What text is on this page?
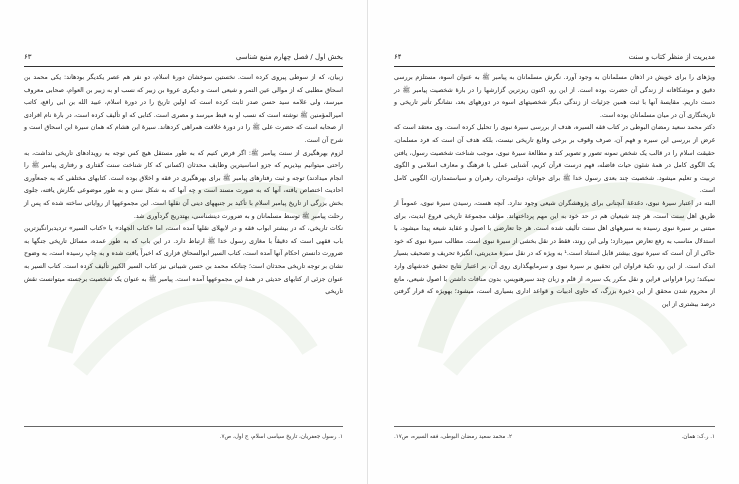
بخش اول / فصل چهارم منبع شناسی
۶۳

زبیان، که از سوطی پیروی کرده است. نخستین سوخشان دورهٔ اسلام، دو نفر هم عصر یکدیگر بودهاند: یکی محمد بن اسحاق مطلبی که از موالی عین التمر و شیعی است و دیگری عروهٔ بن زبیر که نسب او به زبیر بن العوام، صحابی معروف میرسد، ولی علامه سید حسن صدر ثابت کرده است که اولین تاریخ را در دورهٔ اسلام، عبید الله بن ابی رافع، کاتب امیرالمؤمنین ﷺ نوشته است که نسب او به قبط میرسد و مصری است. کتابی که او تألیف کرده است، در بارهٔ نام افرادی از صحابه است که حضرت علی ﷺ را در دورهٔ خلافت همراهی کردهاند. سیرهٔ ابن هشام که همان سیرهٔ ابن اسحاق است و شرح آن است.

لزوم بهرهگیری از سنت پیامبر ﷺ: اگر فرض کنیم که به طور مستقل هیچ کس توجه به رویدادهای تاریخی نداشت، به راحتی میتوانیم بپذیریم که جزو اساسیترین وظایف محدثان (کسانی که کار شناخت سنت گفتاری و رفتاری پیامبر ﷺ را انجام میدادند) توجه و ثبت رفتارهای پیامبر ﷺ برای بهرهگیری در فقه و اخلاق بوده است. کتابهای مختلفی که به جمعآوری احادیث اختصاص یافته، آنها که به صورت مسند است و چه آنها که به شکل سنن و به طور موضوعی نگارش یافته، جلوی بخش بزرگی از تاریخ پیامبر اسلام با تأکید بر جنبههای دینی آن نقلها است. این مجموعهها از روایاتی ساخته شده که پس از رحلت پیامبر ﷺ توسط مسلمانان و به ضرورت دینشناسی، بهتدریج گردآوری شد.

نکات تاریخی، که در بیشتر ابواب فقه و در لابهلای نقلها آمده است، اما «کتاب الجهاد» یا «کتاب السیر» تردیدبرانگیزترین باب فقهی است که دقیقاً با مغازی رسول خدا ﷺ ارتباط دارد. در این باب که به طور عمده، مسائل تاریخی جنگها به ضرورت دانستن احکام آنها آمده است، کتاب السیر ابوالسحاق فزاری که اخیراً یافت شده و به چاپ رسیده است، به وضوح نشان بر توجه تاریخی محدثان است؛ چنانکه محمد بن حسن شیبانی نیز کتاب السیر الکبیر تألیف کرده است. کتاب السیر به عنوان جزئی از کتابهای حدیثی در همهٔ این مجموعهها آمده است. پیامبر ﷺ به عنوان یک شخصیت برجسته میتوانست نقش تاریخی

۱. رسول جعفریان، تاریخ سیاسی اسلام، ج اول، ص۷.
مدیریت از منظر کتاب و سنت
۶۴

ویژهای را برای خویش در اذهان مسلمانان به وجود آورد. نگرش مسلمانان به پیامبر ﷺ به عنوان اسوه، مستلزم بررسی دقیق و موشکافانه از زندگی آن حضرت بوده است. از این رو، اکنون ریزترین گزارشها را در بارهٔ شخصیت پیامبر ﷺ در دست داریم. مقایسهٔ آنها با ثبت همین جزئیات از زندگی دیگر شخصیتهای اسوه در دورههای بعد، نشانگر تأثیر تاریخی و تاریخنگاری آن در میان مسلمانان بوده است.

دکتر محمد سعید رمضان البوطی در کتاب فقه السیره، هدف از بررسی سیرهٔ نبوی را تحلیل کرده است. وی معتقد است که غرض از بررسی این سیره و فهم آن، صرف وقوف بر برخی وقایع تاریخی نیست، بلکه هدف آن است که فرد مسلمان، حقیقت اسلام را در قالب یک شخص نمونه تصور و تصویر کند و مطالعهٔ سیرهٔ نبوی، موجب شناخت شخصیت رسول، یافتن یک الگوی کامل در همهٔ شئون حیات فاضله، فهم درست قرآن کریم، آشنایی عملی با فرهنگ و معارف اسلامی و الگوی تربیت و تعلیم میشود. شخصیت چند بعدی رسول خدا ﷺ برای جوانان، دولتمردان، رهبران و سیاستمداران، الگویی کامل است.

البته در اعتبار سیرهٔ نبوی، دغدغهٔ آنچنانی برای پژوهشگران شیعی وجود ندارد. آنچه هست، رسیدن سیرهٔ نبوی، عموماً از طریق اهل سنت است، هر چند شیعیان هم در حد خود به این مهم پرداختهاند. مؤلف مجموعهٔ تاریخی فروغ ابدیت، برای مبتنی بر سیرهٔ نبوی رسیده به سیرههای اهل سنت تألیف شده است. هر جا تعارضی با اصول و عقاید شیعه پیدا میشود، با استدلال مناسب به رفع تعارض میپردازد؛ ولی این روند، فقط در نقل بخشی از سیرهٔ نبوی است. مطالب سیرهٔ نبوی که خود حاکی از آن است که سیرهٔ نبوی بیشتر قابل استناد است.¹ به ویژه که در نقل سیرهٔ مدیریتی، انگیزهٔ تحریف و تصحیف بسیار اندک است. از این رو، تکیهٔ فراوان این تحقیق بر سیرهٔ نبوی و سرمایهگذاری روی آن، بر اعتبار نتایج تحقیق خدشهای وارد نمیکند؛ زیرا قراوانی قراین و نقل مکرر یک سیره، از قلم و زبان چند سیرهنویس، بدون منافات داشتن با اصول شیعی، مانع از محروم شدن محقق از این ذخیرهٔ بزرگ، که حاوی ادبیات و قواعد اداری بسیاری است، میشود؛ بهویژه که قرار گرفتن درصد بیشتری از این

۱. ر.ک: همان.
۲. محمد سعید رمضان البوطی، فقه السیره، ص۱۷.
